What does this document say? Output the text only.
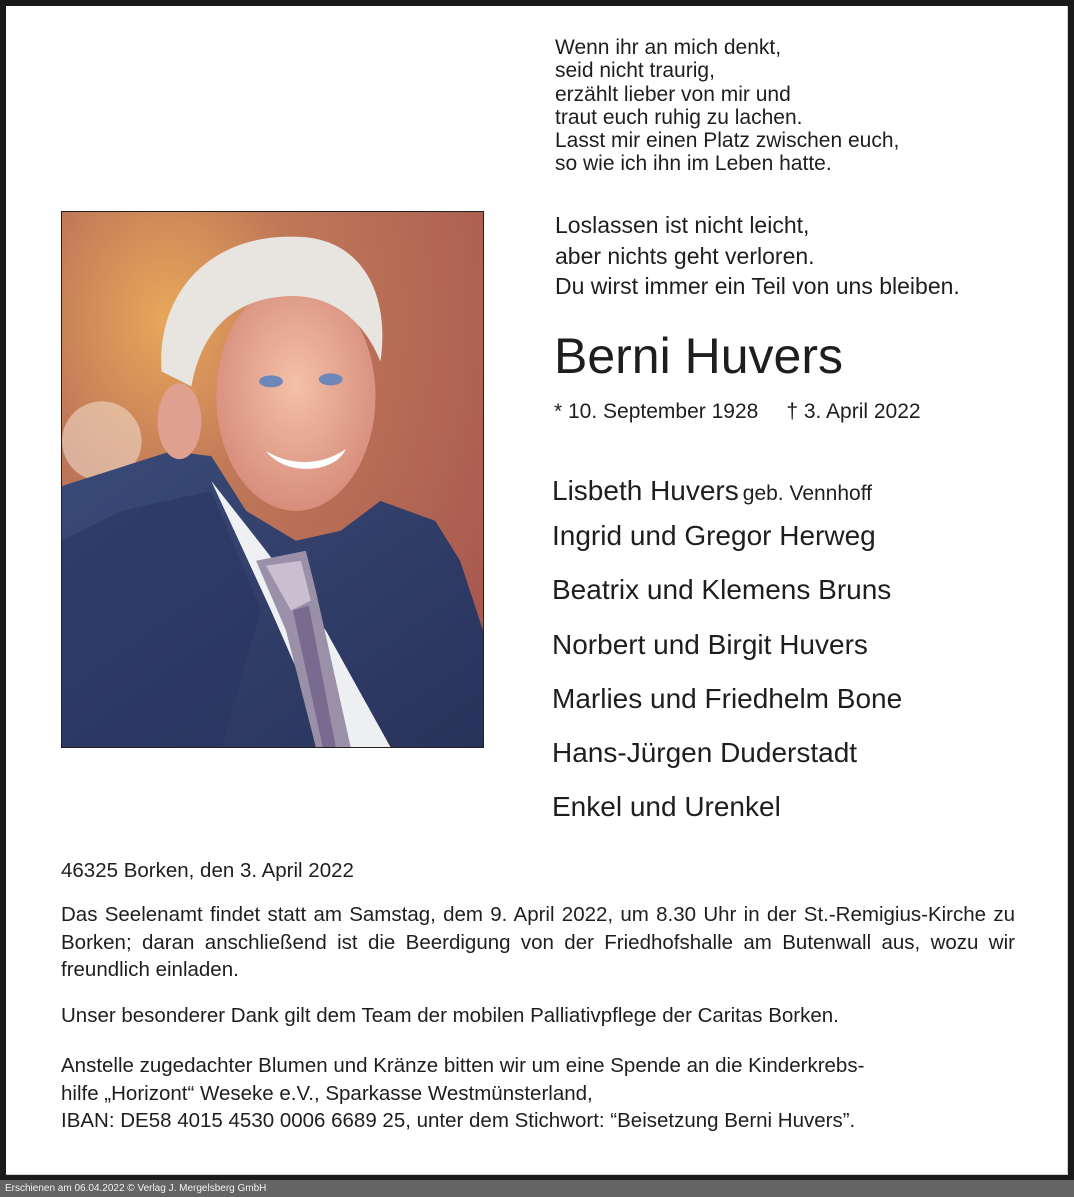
Wenn ihr an mich denkt,
seid nicht traurig,
erzählt lieber von mir und
traut euch ruhig zu lachen.
Lasst mir einen Platz zwischen euch,
so wie ich ihn im Leben hatte.
Loslassen ist nicht leicht,
aber nichts geht verloren.
Du wirst immer ein Teil von uns bleiben.
Berni Huvers
* 10. September 1928 † 3. April 2022
Lisbeth Huvers geb. Vennhoff
Ingrid und Gregor Herweg
Beatrix und Klemens Bruns
Norbert und Birgit Huvers
Marlies und Friedhelm Bone
Hans-Jürgen Duderstadt
Enkel und Urenkel
46325 Borken, den 3. April 2022
Das Seelenamt findet statt am Samstag, dem 9. April 2022, um 8.30 Uhr in der St.-Remigius-Kirche zu Borken; daran anschließend ist die Beerdigung von der Friedhofshalle am Butenwall aus, wozu wir freundlich einladen.
Unser besonderer Dank gilt dem Team der mobilen Palliativpflege der Caritas Borken.
Anstelle zugedachter Blumen und Kränze bitten wir um eine Spende an die Kinderkrebs-
hilfe „Horizont“ Weseke e.V., Sparkasse Westmünsterland,
IBAN: DE58 4015 4530 0006 6689 25, unter dem Stichwort: “Beisetzung Berni Huvers”.
Erschienen am 06.04.2022 © Verlag J. Mergelsberg GmbH
